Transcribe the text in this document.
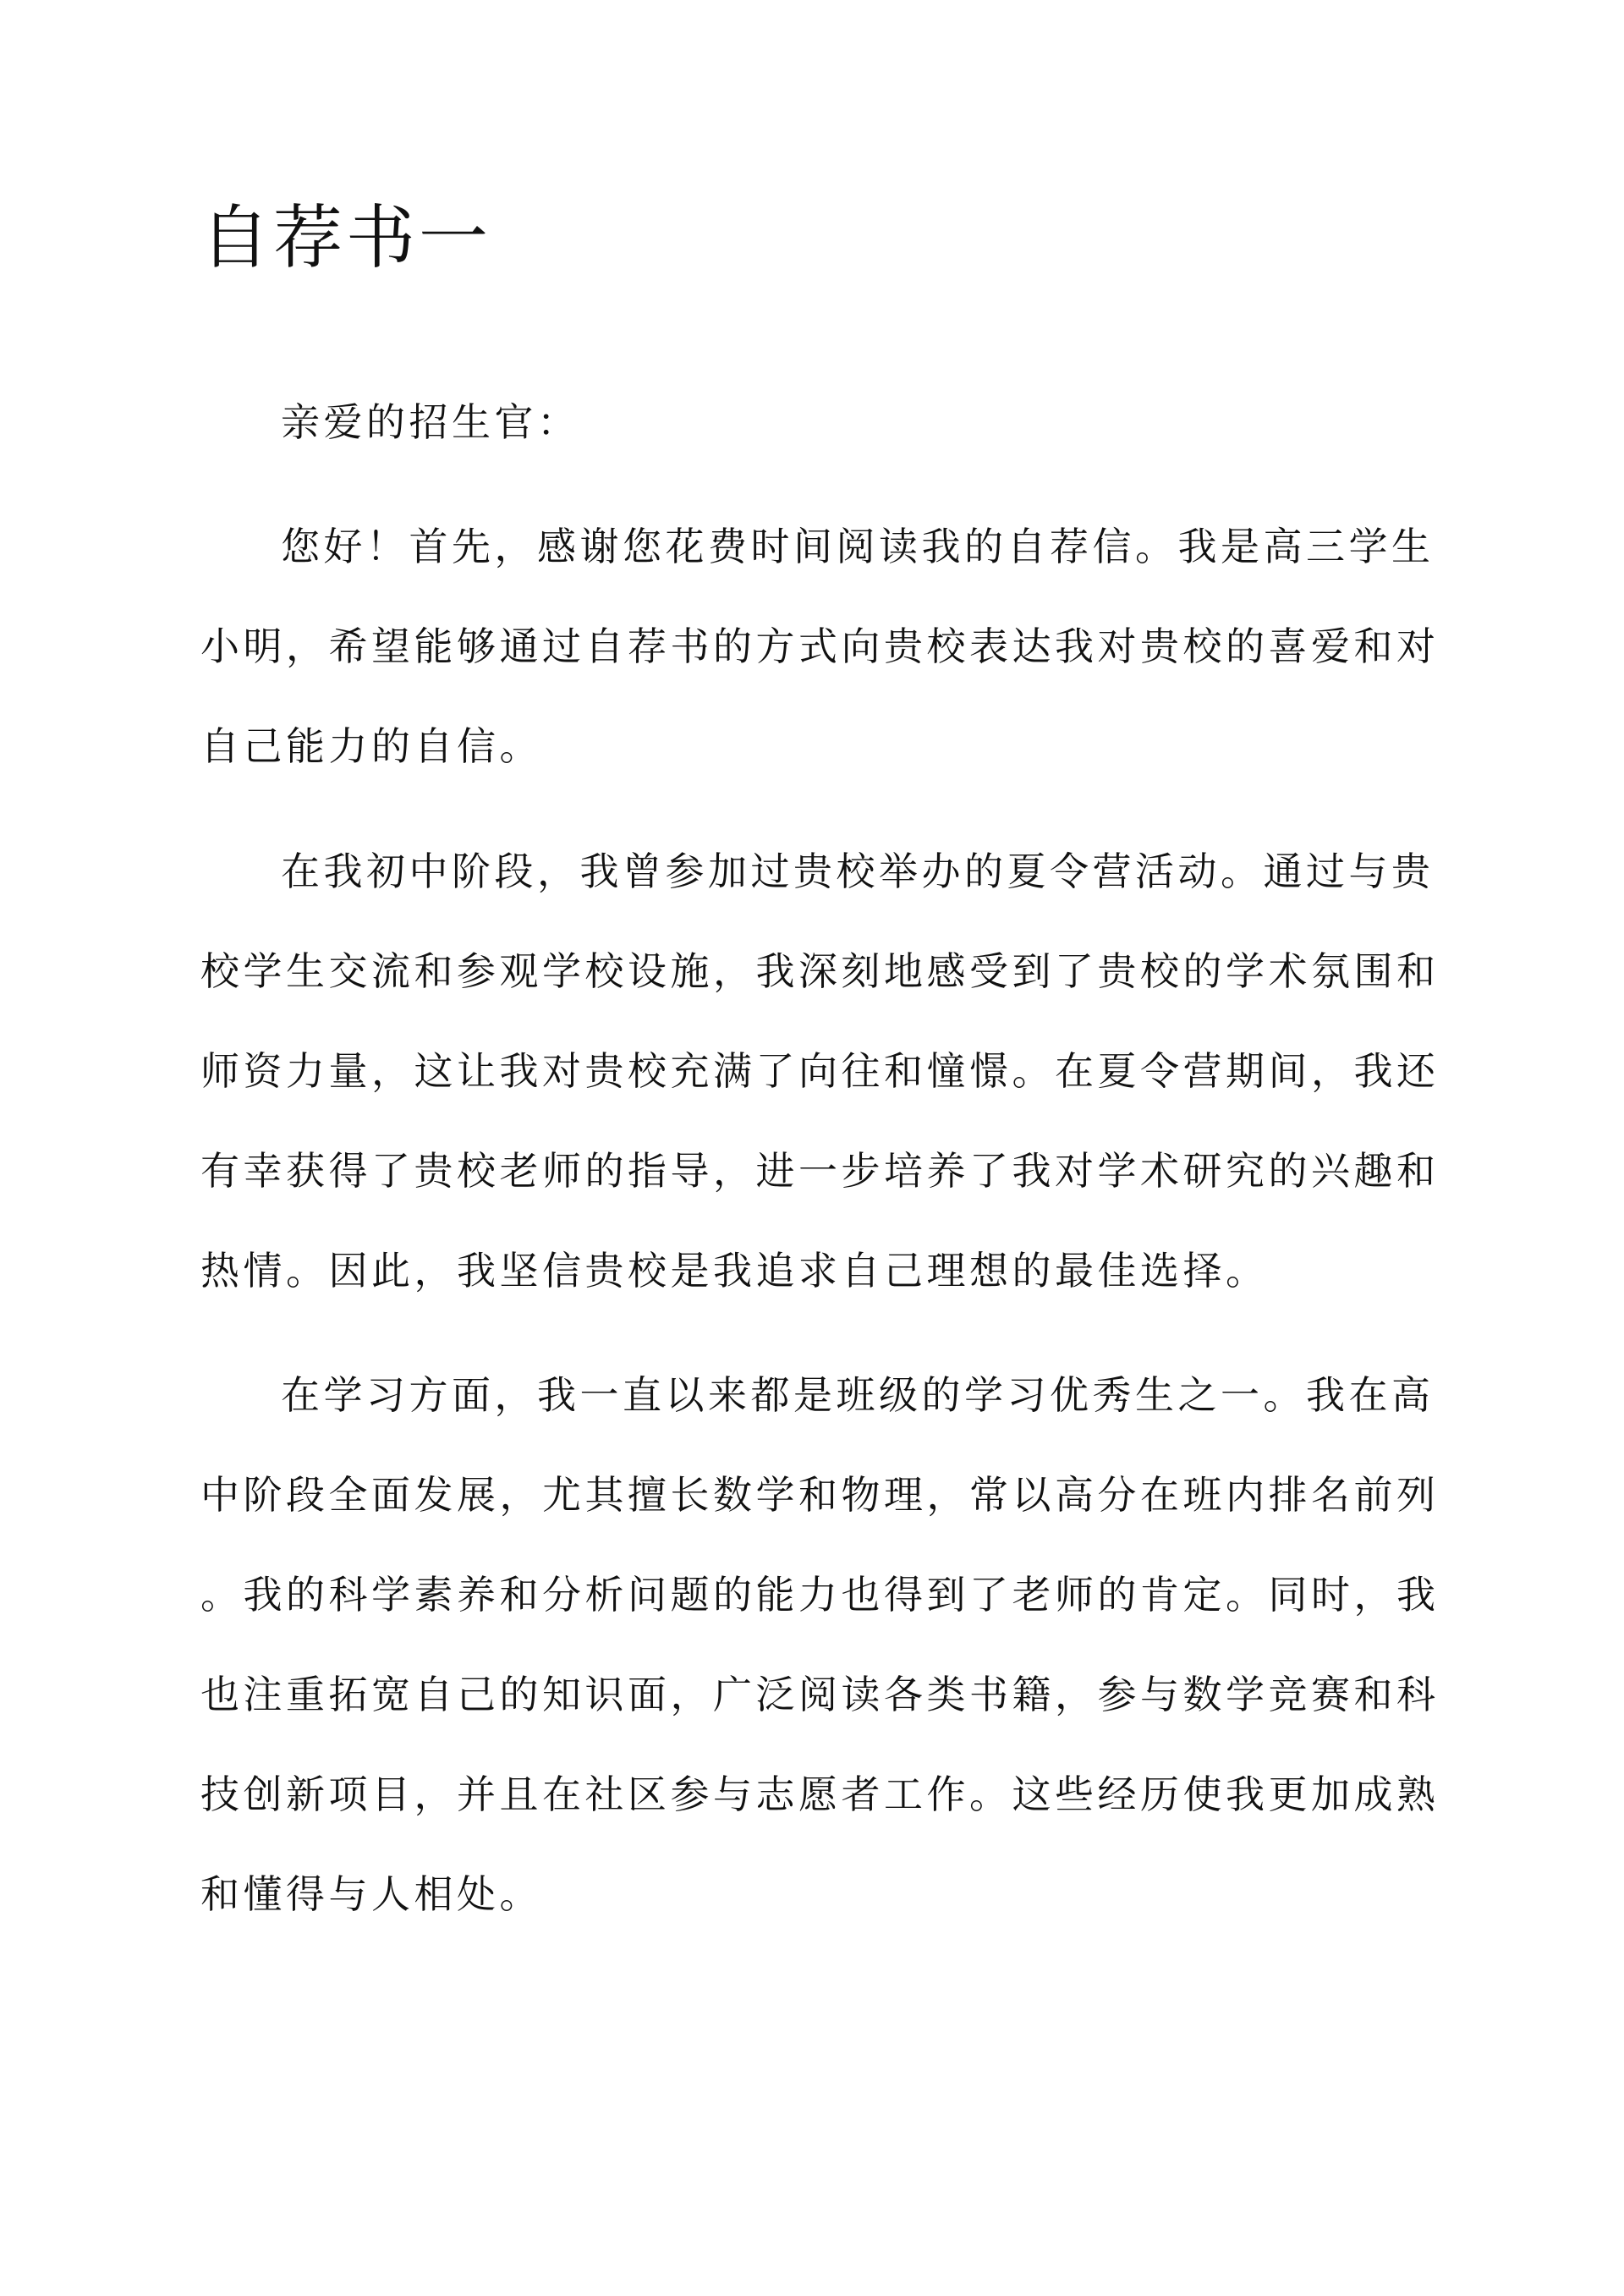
自荐书一
亲爱的招生官：
您好！首先，感谢您花费时间阅读我的自荐信。我是高三学生
小明，希望能够通过自荐书的方式向贵校表达我对贵校的喜爱和对
自己能力的自信。
在我初中阶段，我曾参加过贵校举办的夏令营活动。通过与贵
校学生交流和参观学校设施，我深刻地感受到了贵校的学术氛围和
师资力量，这让我对贵校充满了向往和憧憬。在夏令营期间，我还
有幸获得了贵校老师的指导，进一步培养了我对学术研究的兴趣和
热情。因此，我坚信贵校是我追求自己理想的最佳选择。
在学习方面，我一直以来都是班级的学习优秀生之一。我在高
中阶段全面发展，尤其擅长数学和物理，常以高分在班内排名前列
。我的科学素养和分析问题的能力也得到了老师的肯定。同时，我
也注重拓宽自己的知识面，广泛阅读各类书籍，参与数学竞赛和科
技创新项目，并且在社区参与志愿者工作。这些经历使我更加成熟
和懂得与人相处。
